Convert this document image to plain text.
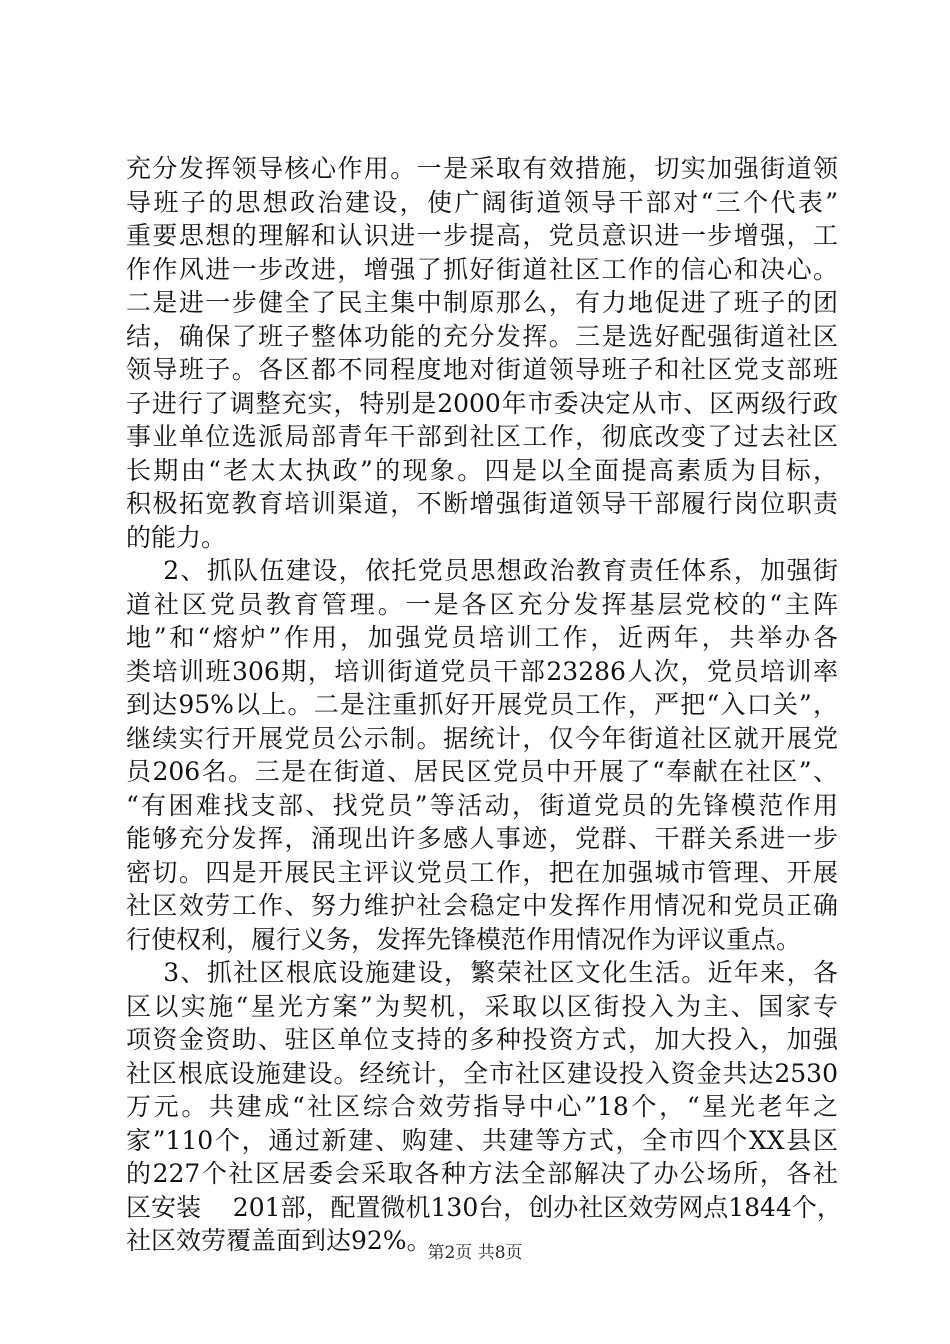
充分发挥领导核心作用。一是采取有效措施，切实加强街道领
导班子的思想政治建设，使广阔街道领导干部对“三个代表”
重要思想的理解和认识进一步提高，党员意识进一步增强，工
作作风进一步改进，增强了抓好街道社区工作的信心和决心。
二是进一步健全了民主集中制原那么，有力地促进了班子的团
结，确保了班子整体功能的充分发挥。三是选好配强街道社区
领导班子。各区都不同程度地对街道领导班子和社区党支部班
子进行了调整充实，特别是2000年市委决定从市、区两级行政
事业单位选派局部青年干部到社区工作，彻底改变了过去社区
长期由“老太太执政”的现象。四是以全面提高素质为目标，
积极拓宽教育培训渠道，不断增强街道领导干部履行岗位职责
的能力。
2、抓队伍建设，依托党员思想政治教育责任体系，加强街
道社区党员教育管理。一是各区充分发挥基层党校的“主阵
地”和“熔炉”作用，加强党员培训工作，近两年，共举办各
类培训班306期，培训街道党员干部23286人次，党员培训率
到达95%以上。二是注重抓好开展党员工作，严把“入口关”，
继续实行开展党员公示制。据统计，仅今年街道社区就开展党
员206名。三是在街道、居民区党员中开展了“奉献在社区”、
“有困难找支部、找党员”等活动，街道党员的先锋模范作用
能够充分发挥，涌现出许多感人事迹，党群、干群关系进一步
密切。四是开展民主评议党员工作，把在加强城市管理、开展
社区效劳工作、努力维护社会稳定中发挥作用情况和党员正确
行使权利，履行义务，发挥先锋模范作用情况作为评议重点。
3、抓社区根底设施建设，繁荣社区文化生活。近年来，各
区以实施“星光方案”为契机，采取以区街投入为主、国家专
项资金资助、驻区单位支持的多种投资方式，加大投入，加强
社区根底设施建设。经统计，全市社区建设投入资金共达2530
万元。共建成“社区综合效劳指导中心”18个，“星光老年之
家”110个，通过新建、购建、共建等方式，全市四个XX县区
的227个社区居委会采取各种方法全部解决了办公场所，各社
区安装    201部，配置微机130台，创办社区效劳网点1844个，
社区效劳覆盖面到达92%。
第2页 共8页
